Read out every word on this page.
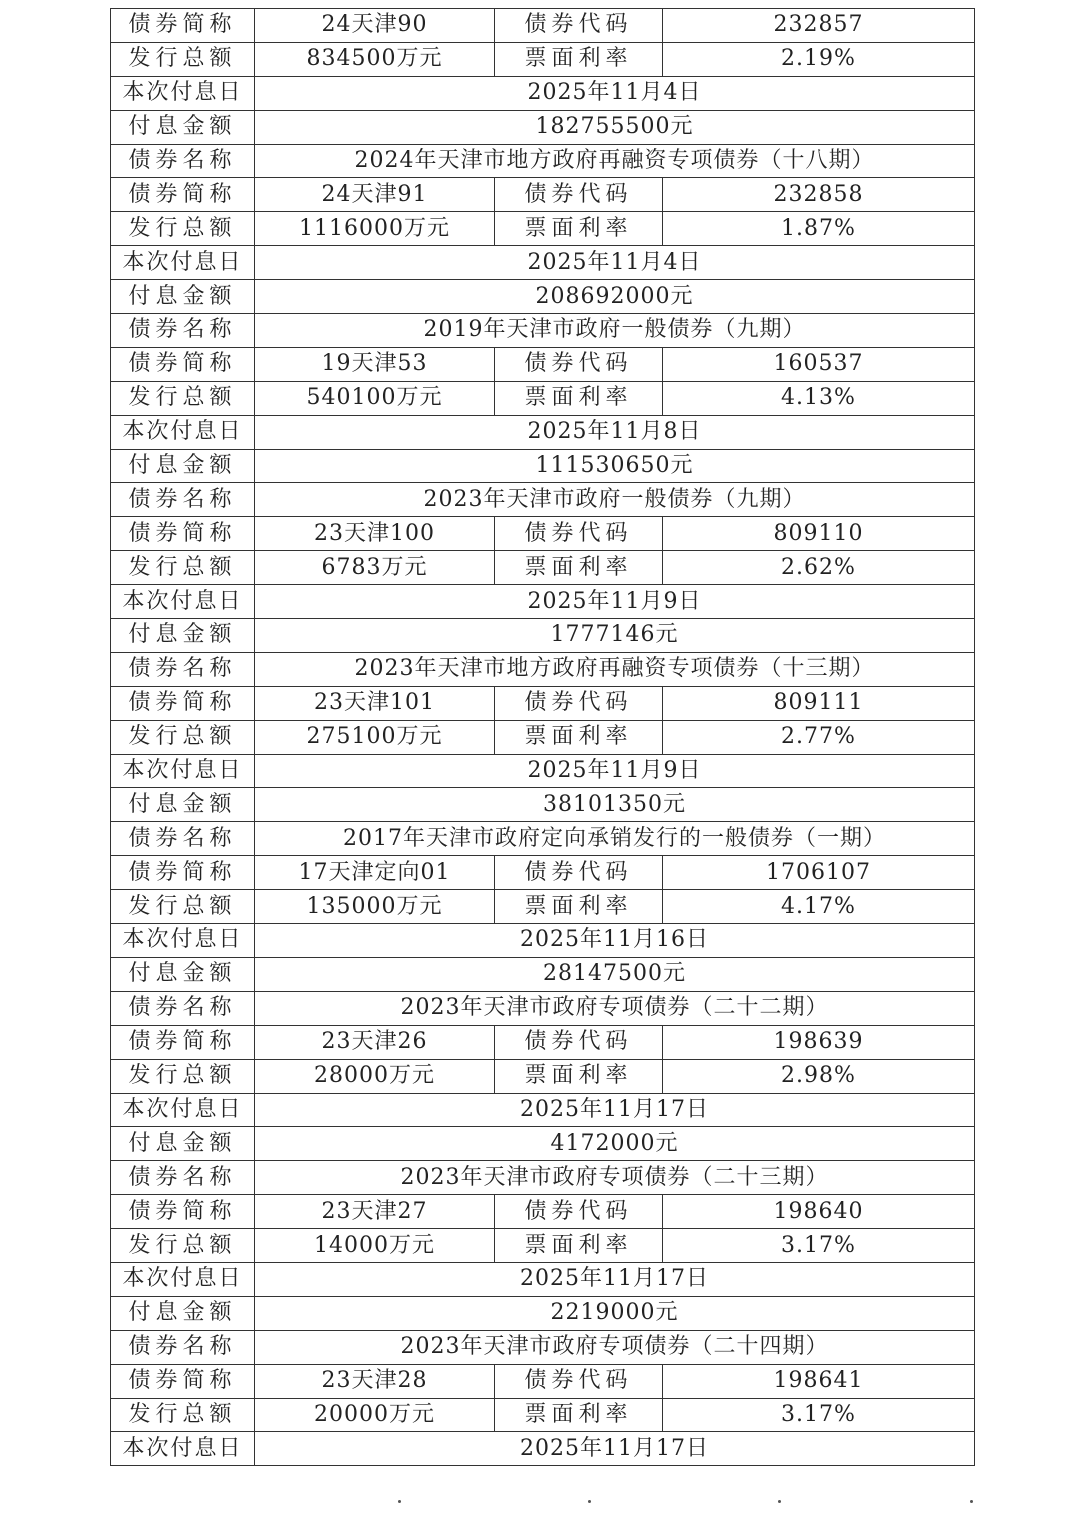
债券简称	24天津90	债券代码	232857
发行总额	834500万元	票面利率	2.19%
本次付息日	2025年11月4日		
付息金额	182755500元		
债券名称	2024年天津市地方政府再融资专项债券（十八期）		
债券简称	24天津91	债券代码	232858
发行总额	1116000万元	票面利率	1.87%
本次付息日	2025年11月4日		
付息金额	208692000元		
债券名称	2019年天津市政府一般债券（九期）		
债券简称	19天津53	债券代码	160537
发行总额	540100万元	票面利率	4.13%
本次付息日	2025年11月8日		
付息金额	111530650元		
债券名称	2023年天津市政府一般债券（九期）		
债券简称	23天津100	债券代码	809110
发行总额	6783万元	票面利率	2.62%
本次付息日	2025年11月9日		
付息金额	1777146元		
债券名称	2023年天津市地方政府再融资专项债券（十三期）		
债券简称	23天津101	债券代码	809111
发行总额	275100万元	票面利率	2.77%
本次付息日	2025年11月9日		
付息金额	38101350元		
债券名称	2017年天津市政府定向承销发行的一般债券（一期）		
债券简称	17天津定向01	债券代码	1706107
发行总额	135000万元	票面利率	4.17%
本次付息日	2025年11月16日		
付息金额	28147500元		
债券名称	2023年天津市政府专项债券（二十二期）		
债券简称	23天津26	债券代码	198639
发行总额	28000万元	票面利率	2.98%
本次付息日	2025年11月17日		
付息金额	4172000元		
债券名称	2023年天津市政府专项债券（二十三期）		
债券简称	23天津27	债券代码	198640
发行总额	14000万元	票面利率	3.17%
本次付息日	2025年11月17日		
付息金额	2219000元		
债券名称	2023年天津市政府专项债券（二十四期）		
债券简称	23天津28	债券代码	198641
发行总额	20000万元	票面利率	3.17%
本次付息日	2025年11月17日		
